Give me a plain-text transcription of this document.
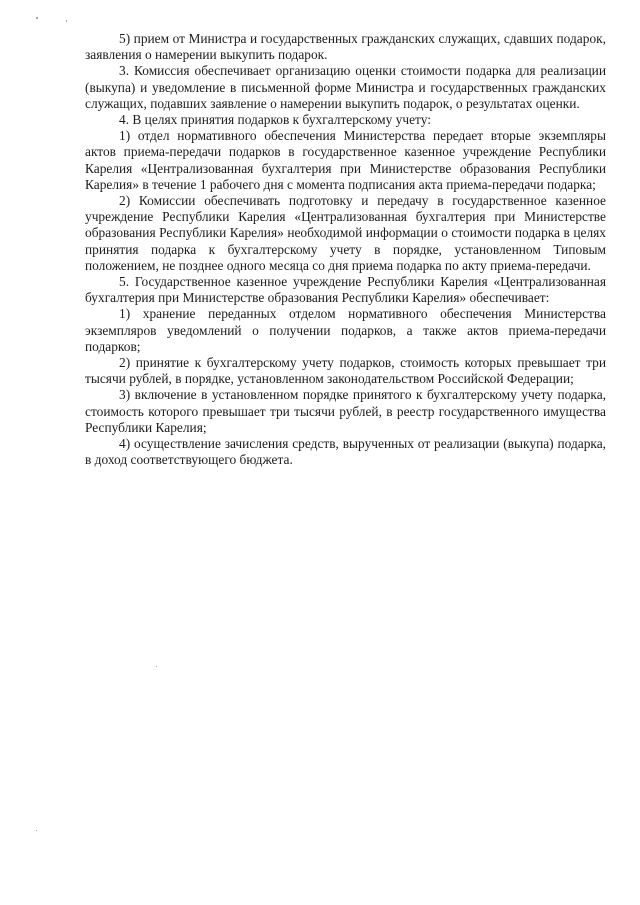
5) прием от Министра и государственных гражданских служащих, сдавших подарок, заявления о намерении выкупить подарок.

3. Комиссия обеспечивает организацию оценки стоимости подарка для реализации (выкупа) и уведомление в письменной форме Министра и государственных гражданских служащих, подавших заявление о намерении выкупить подарок, о результатах оценки.

4. В целях принятия подарков к бухгалтерскому учету:

1) отдел нормативного обеспечения Министерства передает вторые экземпляры актов приема-передачи подарков в государственное казенное учреждение Республики Карелия «Централизованная бухгалтерия при Министерстве образования Республики Карелия» в течение 1 рабочего дня с момента подписания акта приема-передачи подарка;

2) Комиссии обеспечивать подготовку и передачу в государственное казенное учреждение Республики Карелия «Централизованная бухгалтерия при Министерстве образования Республики Карелия» необходимой информации о стоимости подарка в целях принятия подарка к бухгалтерскому учету в порядке, установленном Типовым положением, не позднее одного месяца со дня приема подарка по акту приема-передачи.

5. Государственное казенное учреждение Республики Карелия «Централизованная бухгалтерия при Министерстве образования Республики Карелия» обеспечивает:

1) хранение переданных отделом нормативного обеспечения Министерства экземпляров уведомлений о получении подарков, а также актов приема-передачи подарков;

2) принятие к бухгалтерскому учету подарков, стоимость которых превышает три тысячи рублей, в порядке, установленном законодательством Российской Федерации;

3) включение в установленном порядке принятого к бухгалтерскому учету подарка, стоимость которого превышает три тысячи рублей, в реестр государственного имущества Республики Карелия;

4) осуществление зачисления средств, вырученных от реализации (выкупа) подарка, в доход соответствующего бюджета.
